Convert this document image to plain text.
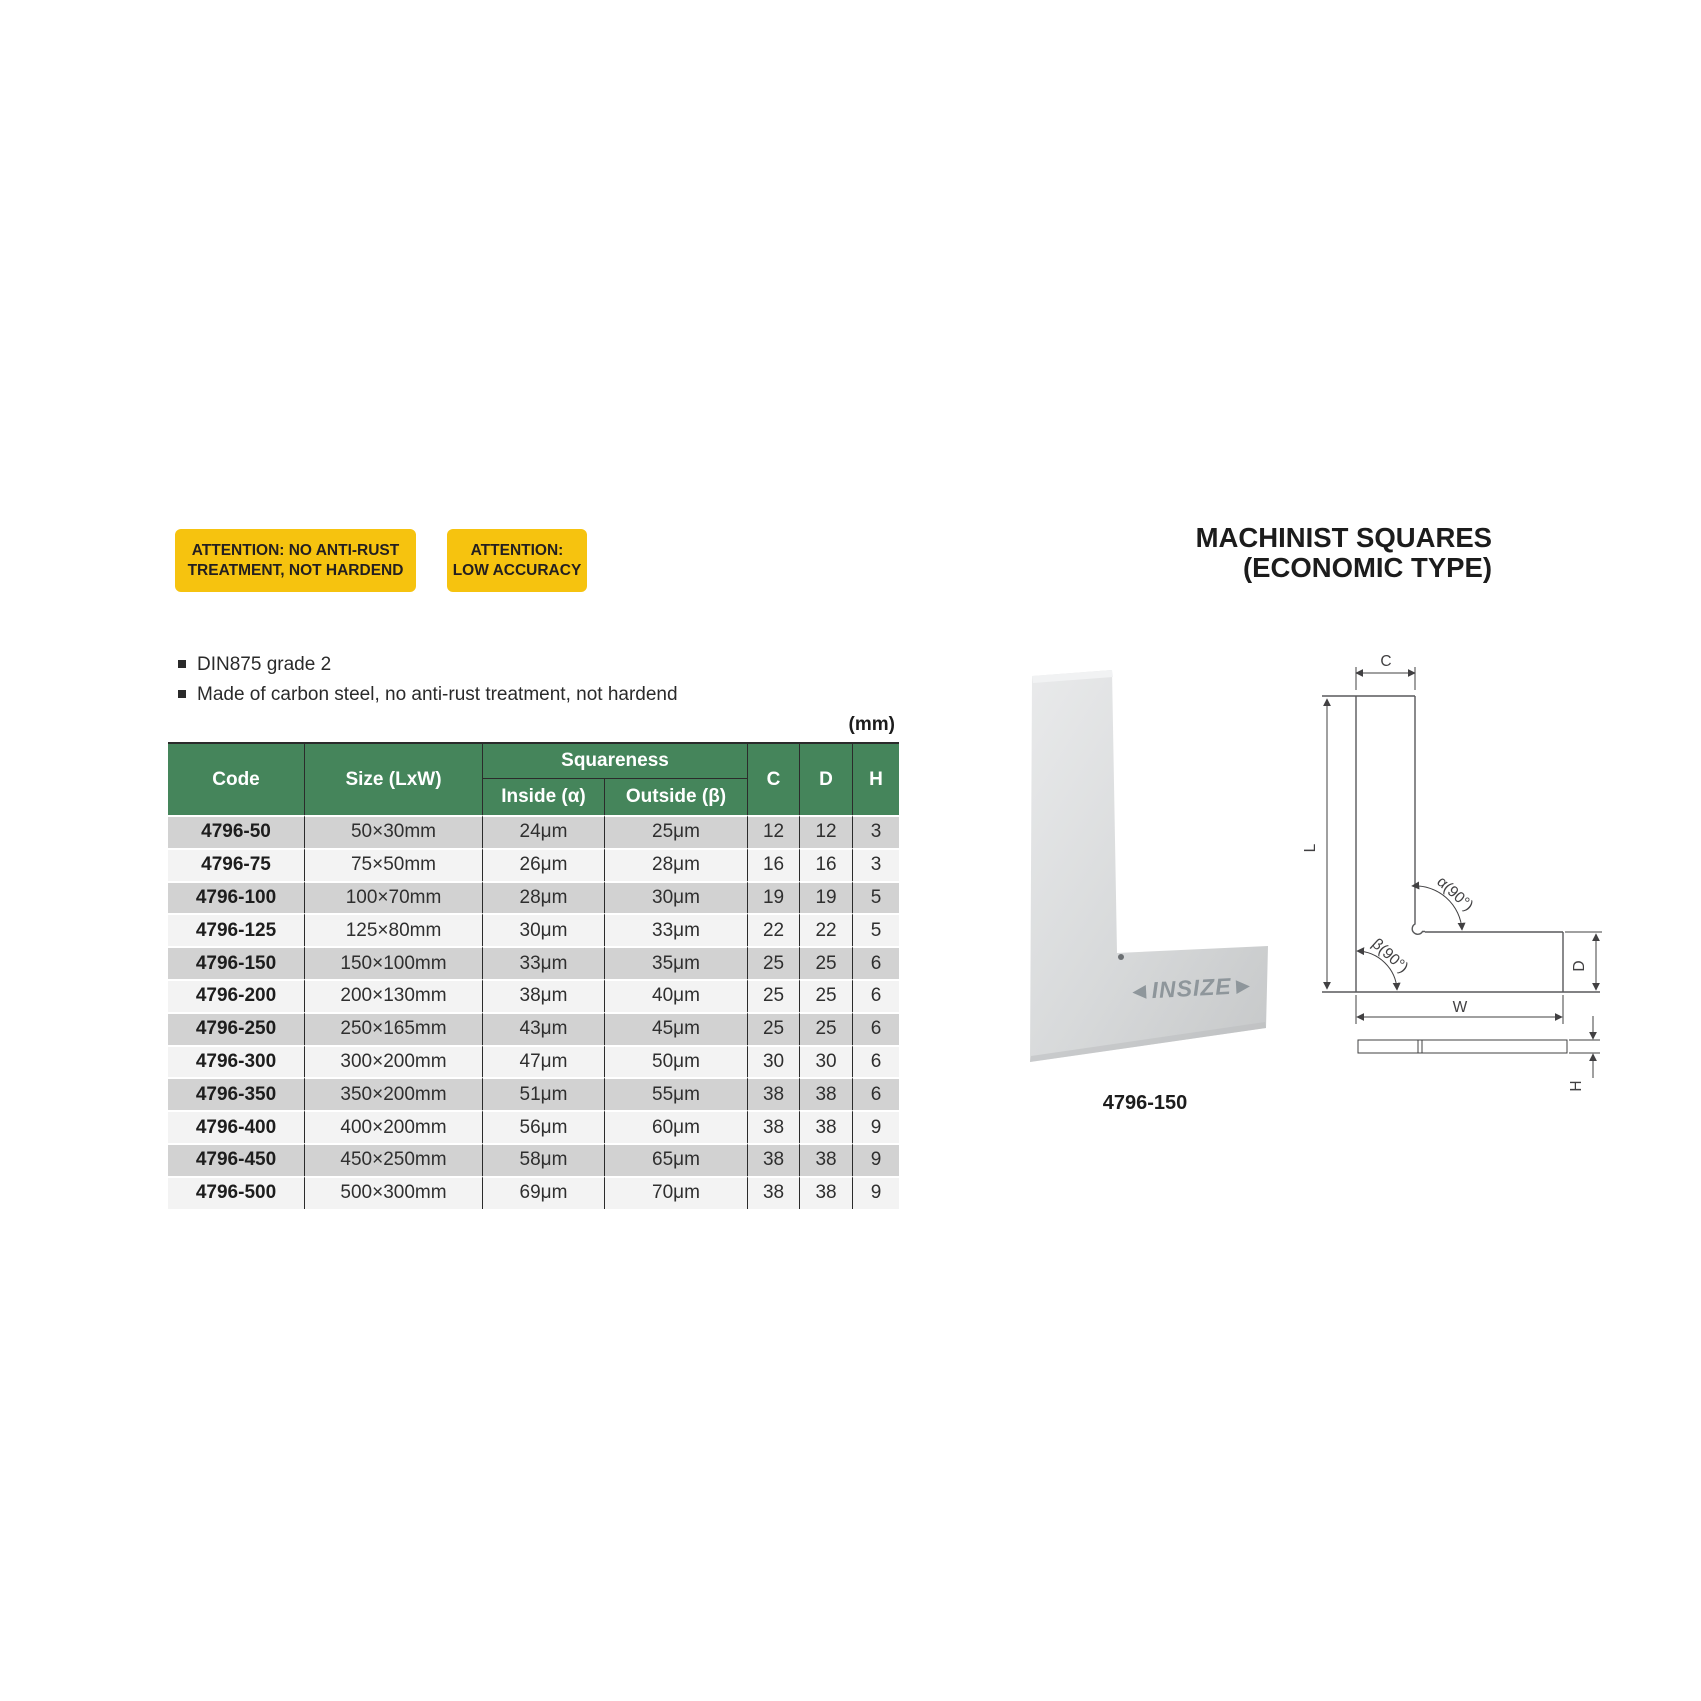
ATTENTION: NO ANTI-RUST
TREATMENT, NOT HARDEND
ATTENTION:
LOW ACCURACY
MACHINIST SQUARES
(ECONOMIC TYPE)
DIN875 grade 2
Made of carbon steel, no anti-rust treatment, not hardend
(mm)
Code	Size (LxW)	Squareness		C	D	H
		Inside (α)	Outside (β)			
4796-50	50×30mm	24μm	25μm	12	12	3
4796-75	75×50mm	26μm	28μm	16	16	3
4796-100	100×70mm	28μm	30μm	19	19	5
4796-125	125×80mm	30μm	33μm	22	22	5
4796-150	150×100mm	33μm	35μm	25	25	6
4796-200	200×130mm	38μm	40μm	25	25	6
4796-250	250×165mm	43μm	45μm	25	25	6
4796-300	300×200mm	47μm	50μm	30	30	6
4796-350	350×200mm	51μm	55μm	38	38	6
4796-400	400×200mm	56μm	60μm	38	38	9
4796-450	450×250mm	58μm	65μm	38	38	9
4796-500	500×300mm	69μm	70μm	38	38	9
◄INSIZE►
4796-150
C
L
D
W
α(90°)
β(90°)
H
